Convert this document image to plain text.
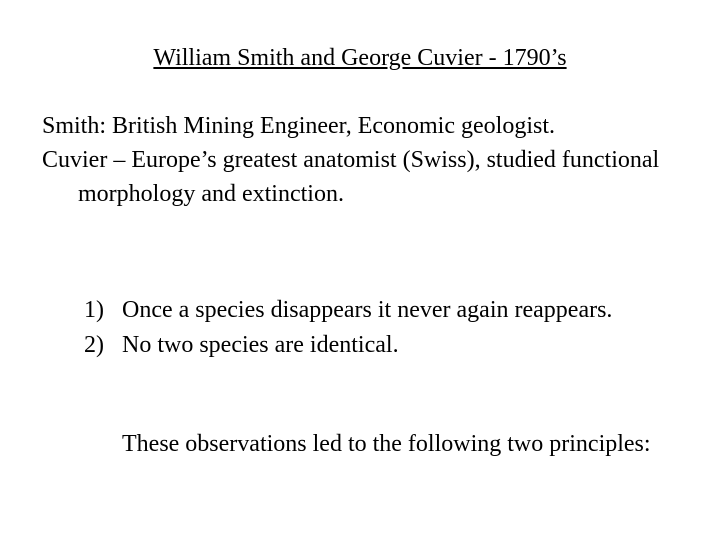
William Smith and George Cuvier - 1790’s

Smith: British Mining Engineer, Economic geologist.

Cuvier – Europe’s greatest anatomist (Swiss), studied functional morphology and extinction.

1) Once a species disappears it never again reappears.
2) No two species are identical.

These observations led to the following two principles:
